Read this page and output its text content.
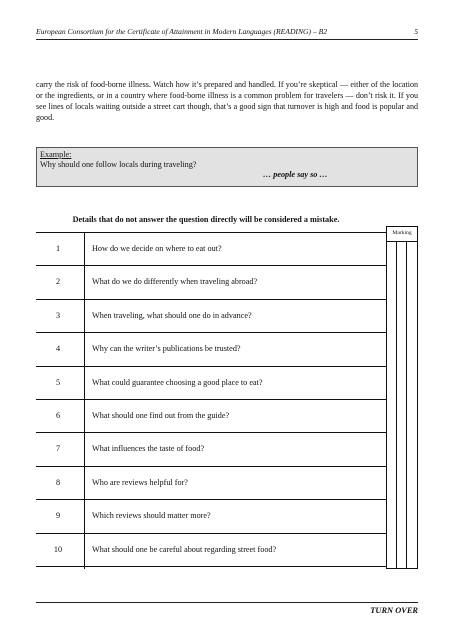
European Consortium for the Certificate of Attainment in Modern Languages (READING) – B2	5

carry the risk of food-borne illness. Watch how it’s prepared and handled. If you’re skeptical — either of the location or the ingredients, or in a country where food-borne illness is a common problem for travelers — don’t risk it. If you see lines of locals waiting outside a street cart though, that’s a good sign that turnover is high and food is popular and good.

Example:
Why should one follow locals during traveling?
… people say so …
Details that do not answer the question directly will be considered a mistake.
1	How do we decide on where to eat out?
2	What do we do differently when traveling abroad?
3	When traveling, what should one do in advance?
4	Why can the writer’s publications be trusted?
5	What could guarantee choosing a good place to eat?
6	What should one find out from the guide?
7	What influences the taste of food?
8	Who are reviews helpful for?
9	Which reviews should matter more?
10	What should one be careful about regarding street food?
Marking
TURN OVER
